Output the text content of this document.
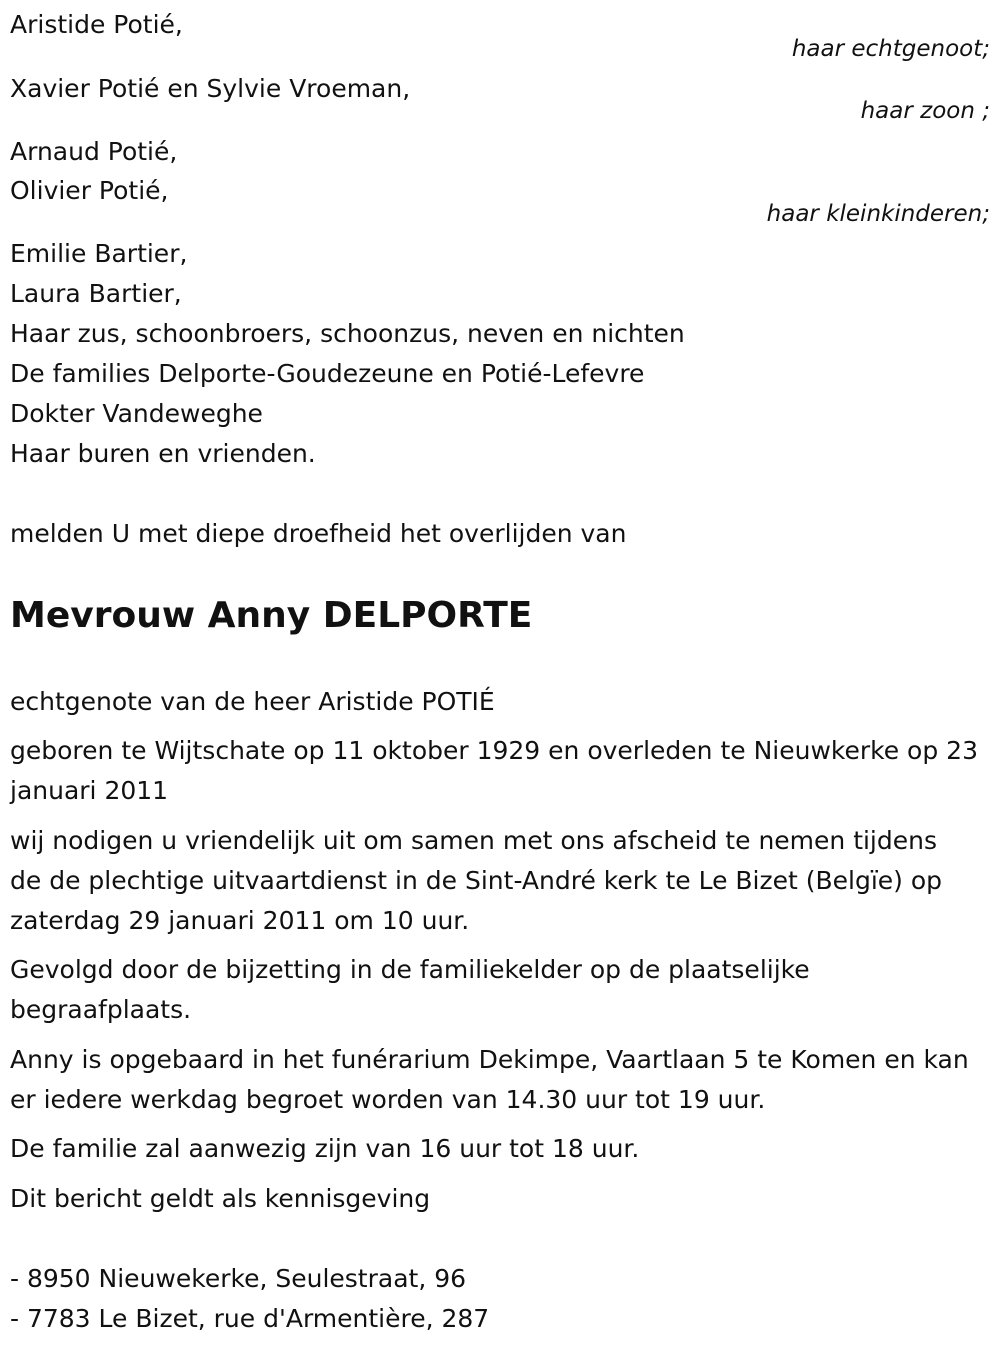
Aristide Potié,
haar echtgenoot;
Xavier Potié en Sylvie Vroeman,
haar zoon ;
Arnaud Potié,
Olivier Potié,
haar kleinkinderen;
Emilie Bartier,
Laura Bartier,
Haar zus, schoonbroers, schoonzus, neven en nichten
De families Delporte-Goudezeune en Potié-Lefevre
Dokter Vandeweghe
Haar buren en vrienden.
melden U met diepe droefheid het overlijden van
Mevrouw Anny DELPORTE
echtgenote van de heer Aristide POTIÉ
geboren te Wijtschate op 11 oktober 1929 en overleden te Nieuwkerke op 23 januari 2011
wij nodigen u vriendelijk uit om samen met ons afscheid te nemen tijdens de de plechtige uitvaartdienst in de Sint-André kerk te Le Bizet (Belgïe) op zaterdag 29 januari 2011 om 10 uur.
Gevolgd door de bijzetting in de familiekelder op de plaatselijke begraafplaats.
Anny is opgebaard in het funérarium Dekimpe, Vaartlaan 5 te Komen en kan er iedere werkdag begroet worden van 14.30 uur tot 19 uur.
De familie zal aanwezig zijn van 16 uur tot 18 uur.
Dit bericht geldt als kennisgeving
- 8950 Nieuwekerke, Seulestraat, 96
- 7783 Le Bizet, rue d'Armentière, 287
